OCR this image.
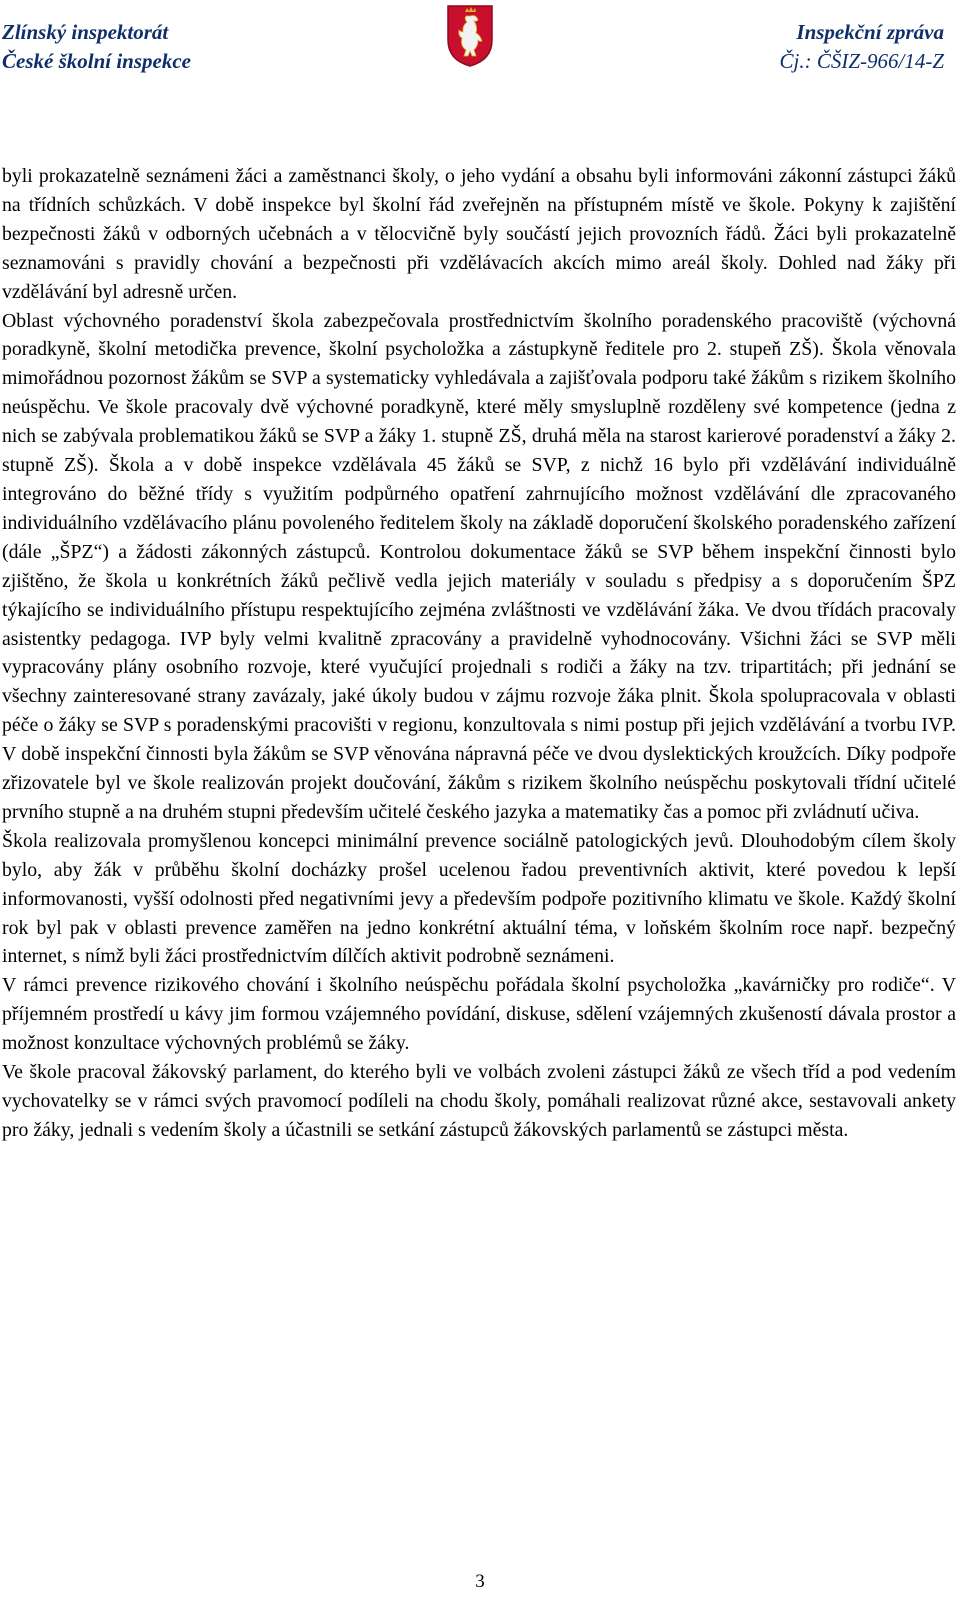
Zlínský inspektorát
České školní inspekce
Inspekční zpráva
Čj.: ČŠIZ-966/14-Z

byli prokazatelně seznámeni žáci a zaměstnanci školy, o jeho vydání a obsahu byli informováni zákonní zástupci žáků na třídních schůzkách. V době inspekce byl školní řád zveřejněn na přístupném místě ve škole. Pokyny k zajištění bezpečnosti žáků v odborných učebnách a v tělocvičně byly součástí jejich provozních řádů. Žáci byli prokazatelně seznamováni s pravidly chování a bezpečnosti při vzdělávacích akcích mimo areál školy. Dohled nad žáky při vzdělávání byl adresně určen.

Oblast výchovného poradenství škola zabezpečovala prostřednictvím školního poradenského pracoviště (výchovná poradkyně, školní metodička prevence, školní psycholožka a zástupkyně ředitele pro 2. stupeň ZŠ). Škola věnovala mimořádnou pozornost žákům se SVP a systematicky vyhledávala a zajišťovala podporu také žákům s rizikem školního neúspěchu. Ve škole pracovaly dvě výchovné poradkyně, které měly smysluplně rozděleny své kompetence (jedna z nich se zabývala problematikou žáků se SVP a žáky 1. stupně ZŠ, druhá měla na starost karierové poradenství a žáky 2. stupně ZŠ). Škola a v době inspekce vzdělávala 45 žáků se SVP, z nichž 16 bylo při vzdělávání individuálně integrováno do běžné třídy s využitím podpůrného opatření zahrnujícího možnost vzdělávání dle zpracovaného individuálního vzdělávacího plánu povoleného ředitelem školy na základě doporučení školského poradenského zařízení (dále „ŠPZ“) a žádosti zákonných zástupců. Kontrolou dokumentace žáků se SVP během inspekční činnosti bylo zjištěno, že škola u konkrétních žáků pečlivě vedla jejich materiály v souladu s předpisy a s doporučením ŠPZ týkajícího se individuálního přístupu respektujícího zejména zvláštnosti ve vzdělávání žáka. Ve dvou třídách pracovaly asistentky pedagoga. IVP byly velmi kvalitně zpracovány a pravidelně vyhodnocovány. Všichni žáci se SVP měli vypracovány plány osobního rozvoje, které vyučující projednali s rodiči a žáky na tzv. tripartitách; při jednání se všechny zainteresované strany zavázaly, jaké úkoly budou v zájmu rozvoje žáka plnit. Škola spolupracovala v oblasti péče o žáky se SVP s poradenskými pracovišti v regionu, konzultovala s nimi postup při jejich vzdělávání a tvorbu IVP. V době inspekční činnosti byla žákům se SVP věnována nápravná péče ve dvou dyslektických kroužcích. Díky podpoře zřizovatele byl ve škole realizován projekt doučování, žákům s rizikem školního neúspěchu poskytovali třídní učitelé prvního stupně a na druhém stupni především učitelé českého jazyka a matematiky čas a pomoc při zvládnutí učiva.

Škola realizovala promyšlenou koncepci minimální prevence sociálně patologických jevů. Dlouhodobým cílem školy bylo, aby žák v průběhu školní docházky prošel ucelenou řadou preventivních aktivit, které povedou k lepší informovanosti, vyšší odolnosti před negativními jevy a především podpoře pozitivního klimatu ve škole. Každý školní rok byl pak v oblasti prevence zaměřen na jedno konkrétní aktuální téma, v loňském školním roce např. bezpečný internet, s nímž byli žáci prostřednictvím dílčích aktivit podrobně seznámeni.

V rámci prevence rizikového chování i školního neúspěchu pořádala školní psycholožka „kavárničky pro rodiče“. V příjemném prostředí u kávy jim formou vzájemného povídání, diskuse, sdělení vzájemných zkušeností dávala prostor a možnost konzultace výchovných problémů se žáky.

Ve škole pracoval žákovský parlament, do kterého byli ve volbách zvoleni zástupci žáků ze všech tříd a pod vedením vychovatelky se v rámci svých pravomocí podíleli na chodu školy, pomáhali realizovat různé akce, sestavovali ankety pro žáky, jednali s vedením školy a účastnili se setkání zástupců žákovských parlamentů se zástupci města.

3
